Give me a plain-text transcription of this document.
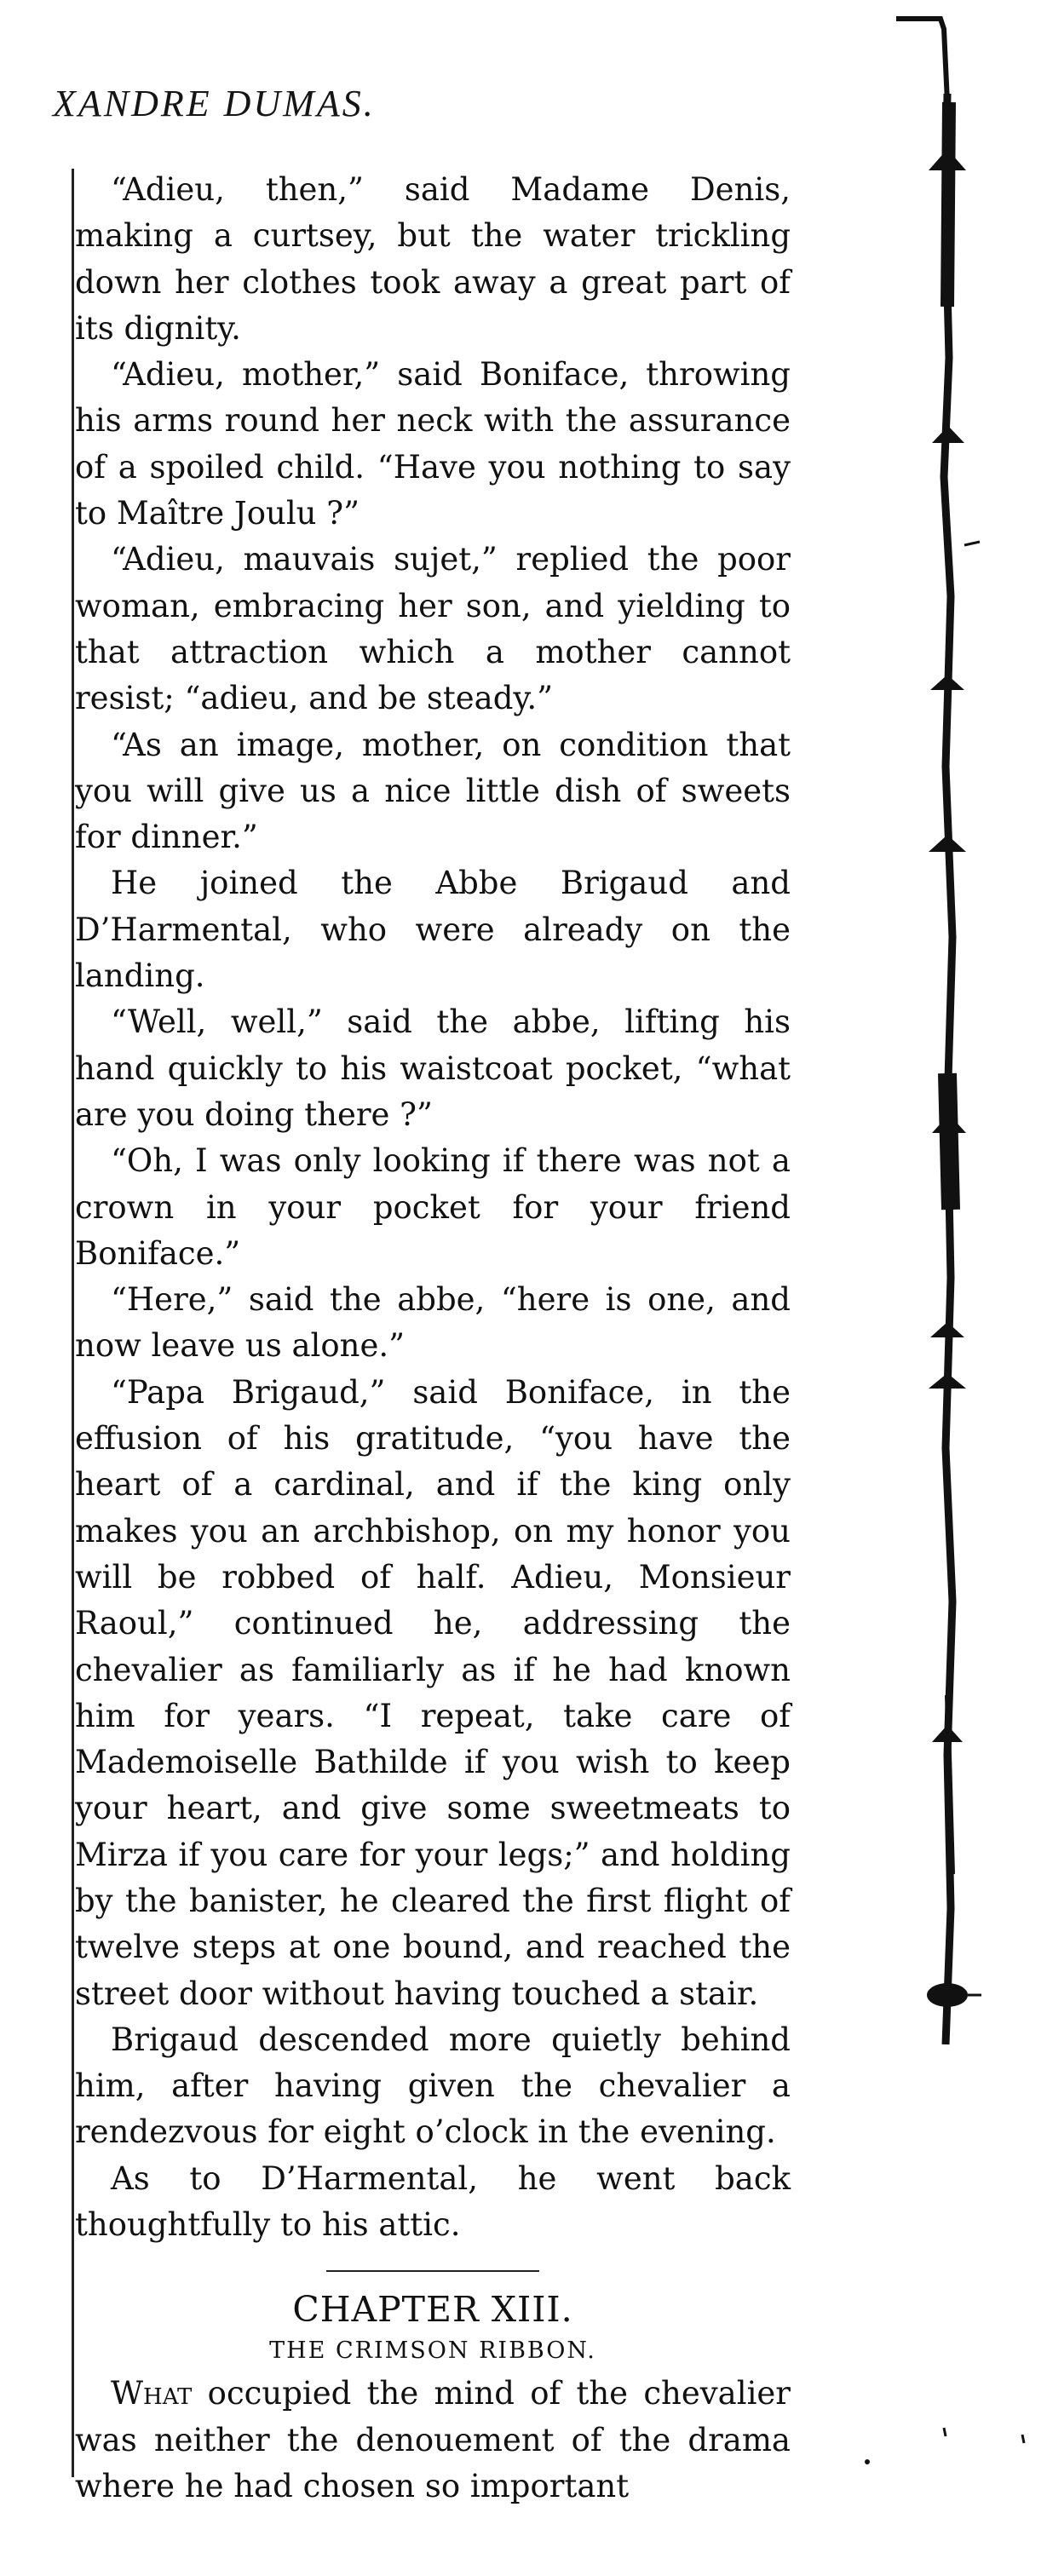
XANDRE DUMAS.

“Adieu, then,” said Madame Denis, making a curtsey, but the water trickling down her clothes took away a great part of its dignity.

“Adieu, mother,” said Boniface, throwing his arms round her neck with the assurance of a spoiled child. “Have you nothing to say to Maître Joulu ?”

“Adieu, mauvais sujet,” replied the poor woman, embracing her son, and yielding to that attraction which a mother cannot resist; “adieu, and be steady.”

“As an image, mother, on condition that you will give us a nice little dish of sweets for dinner.”

He joined the Abbe Brigaud and D’Harmental, who were already on the landing.

“Well, well,” said the abbe, lifting his hand quickly to his waistcoat pocket, “what are you doing there ?”

“Oh, I was only looking if there was not a crown in your pocket for your friend Boniface.”

“Here,” said the abbe, “here is one, and now leave us alone.”

“Papa Brigaud,” said Boniface, in the effusion of his gratitude, “you have the heart of a cardinal, and if the king only makes you an archbishop, on my honor you will be robbed of half. Adieu, Monsieur Raoul,” continued he, addressing the chevalier as familiarly as if he had known him for years. “I repeat, take care of Mademoiselle Bathilde if you wish to keep your heart, and give some sweetmeats to Mirza if you care for your legs;” and holding by the banister, he cleared the first flight of twelve steps at one bound, and reached the street door without having touched a stair.

Brigaud descended more quietly behind him, after having given the chevalier a rendezvous for eight o’clock in the evening.

As to D’Harmental, he went back thoughtfully to his attic.

CHAPTER XIII.
THE CRIMSON RIBBON.

What occupied the mind of the chevalier was neither the denouement of the drama where he had chosen so important
